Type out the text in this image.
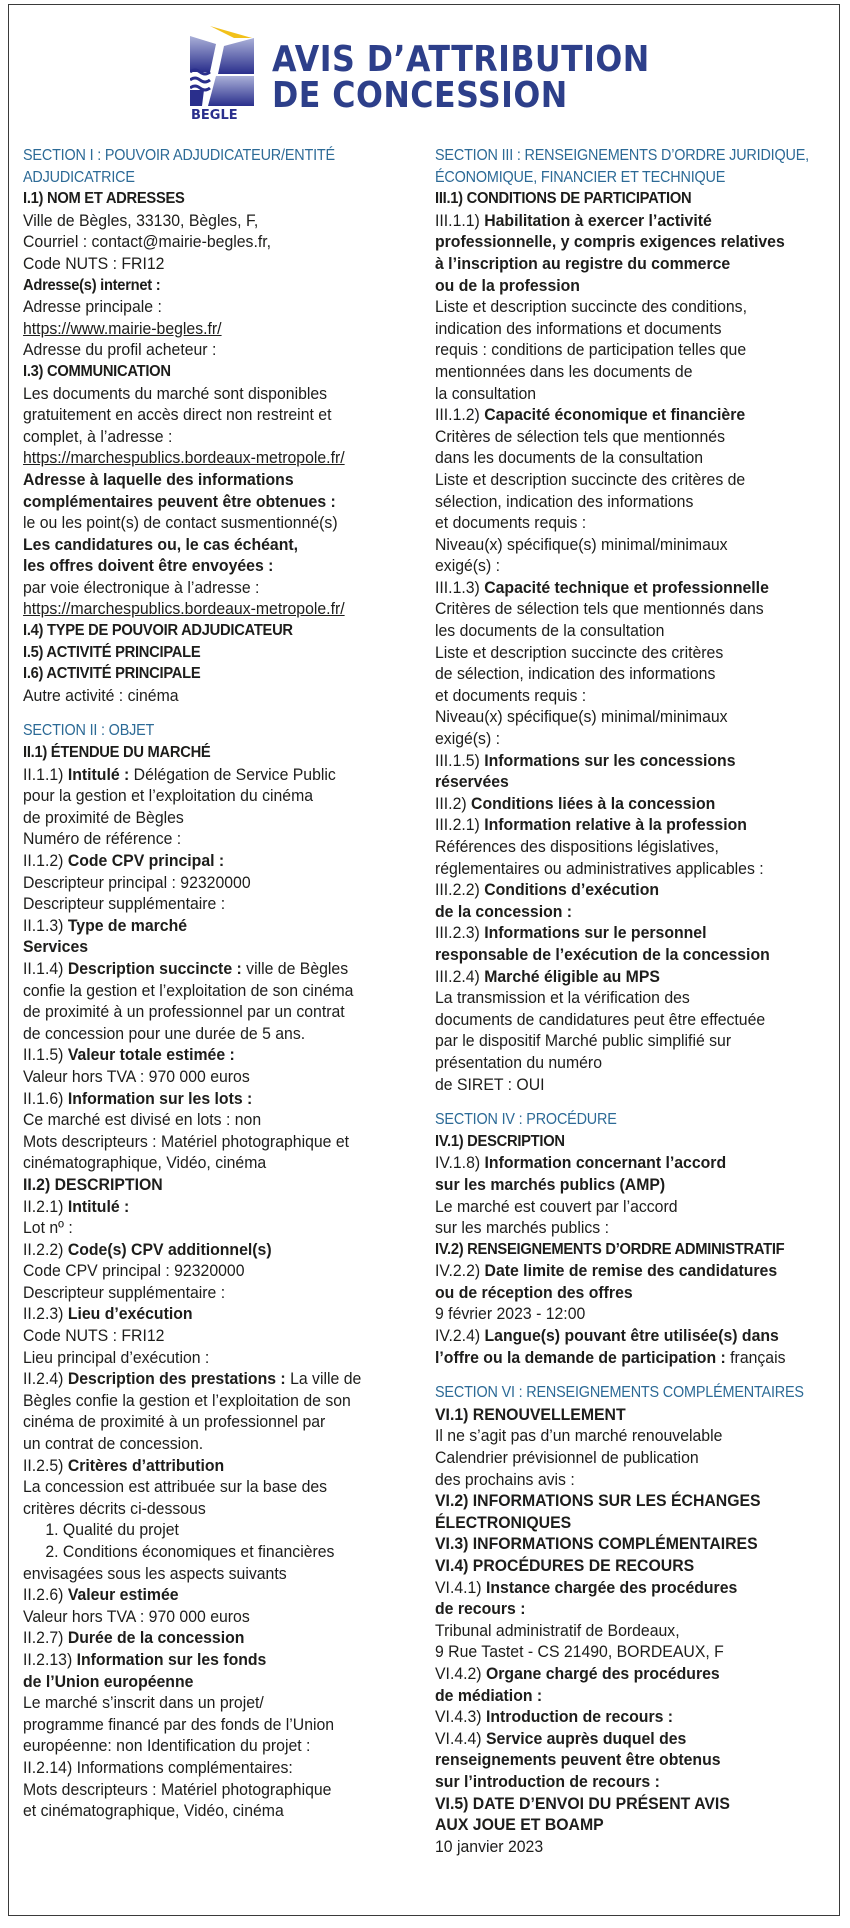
BEGLE
AVIS D’ATTRIBUTION
DE CONCESSION
SECTION I : POUVOIR ADJUDICATEUR/ENTITÉ
ADJUDICATRICE
I.1) NOM ET ADRESSES
Ville de Bègles, 33130, Bègles, F,
Courriel : contact@mairie-begles.fr,
Code NUTS : FRI12
Adresse(s) internet :
Adresse principale :
https://www.mairie-begles.fr/
Adresse du profil acheteur :
I.3) COMMUNICATION
Les documents du marché sont disponibles
gratuitement en accès direct non restreint et
complet, à l’adresse :
https://marchespublics.bordeaux-metropole.fr/
Adresse à laquelle des informations
complémentaires peuvent être obtenues :
le ou les point(s) de contact susmentionné(s)
Les candidatures ou, le cas échéant,
les offres doivent être envoyées :
par voie électronique à l’adresse :
https://marchespublics.bordeaux-metropole.fr/
I.4) TYPE DE POUVOIR ADJUDICATEUR
I.5) ACTIVITÉ PRINCIPALE
I.6) ACTIVITÉ PRINCIPALE
Autre activité : cinéma
SECTION II : OBJET
II.1) ÉTENDUE DU MARCHÉ
II.1.1) Intitulé : Délégation de Service Public
pour la gestion et l’exploitation du cinéma
de proximité de Bègles
Numéro de référence :
II.1.2) Code CPV principal :
Descripteur principal : 92320000
Descripteur supplémentaire :
II.1.3) Type de marché
Services
II.1.4) Description succincte : ville de Bègles
confie la gestion et l’exploitation de son cinéma
de proximité à un professionnel par un contrat
de concession pour une durée de 5 ans.
II.1.5) Valeur totale estimée :
Valeur hors TVA : 970 000 euros
II.1.6) Information sur les lots :
Ce marché est divisé en lots : non
Mots descripteurs : Matériel photographique et
cinématographique, Vidéo, cinéma
II.2) DESCRIPTION
II.2.1) Intitulé :
Lot nº :
II.2.2) Code(s) CPV additionnel(s)
Code CPV principal : 92320000
Descripteur supplémentaire :
II.2.3) Lieu d’exécution
Code NUTS : FRI12
Lieu principal d’exécution :
II.2.4) Description des prestations : La ville de
Bègles confie la gestion et l’exploitation de son
cinéma de proximité à un professionnel par
un contrat de concession.
II.2.5) Critères d’attribution
La concession est attribuée sur la base des
critères décrits ci-dessous
1. Qualité du projet
2. Conditions économiques et financières
envisagées sous les aspects suivants
II.2.6) Valeur estimée
Valeur hors TVA : 970 000 euros
II.2.7) Durée de la concession
II.2.13) Information sur les fonds
de l’Union européenne
Le marché s’inscrit dans un projet/
programme financé par des fonds de l’Union
européenne: non Identification du projet :
II.2.14) Informations complémentaires:
Mots descripteurs : Matériel photographique
et cinématographique, Vidéo, cinéma
SECTION III : RENSEIGNEMENTS D’ORDRE JURIDIQUE,
ÉCONOMIQUE, FINANCIER ET TECHNIQUE
III.1) CONDITIONS DE PARTICIPATION
III.1.1) Habilitation à exercer l’activité
professionnelle, y compris exigences relatives
à l’inscription au registre du commerce
ou de la profession
Liste et description succincte des conditions,
indication des informations et documents
requis : conditions de participation telles que
mentionnées dans les documents de
la consultation
III.1.2) Capacité économique et financière
Critères de sélection tels que mentionnés
dans les documents de la consultation
Liste et description succincte des critères de
sélection, indication des informations
et documents requis :
Niveau(x) spécifique(s) minimal/minimaux
exigé(s) :
III.1.3) Capacité technique et professionnelle
Critères de sélection tels que mentionnés dans
les documents de la consultation
Liste et description succincte des critères
de sélection, indication des informations
et documents requis :
Niveau(x) spécifique(s) minimal/minimaux
exigé(s) :
III.1.5) Informations sur les concessions
réservées
III.2) Conditions liées à la concession
III.2.1) Information relative à la profession
Références des dispositions législatives,
réglementaires ou administratives applicables :
III.2.2) Conditions d’exécution
de la concession :
III.2.3) Informations sur le personnel
responsable de l’exécution de la concession
III.2.4) Marché éligible au MPS
La transmission et la vérification des
documents de candidatures peut être effectuée
par le dispositif Marché public simplifié sur
présentation du numéro
de SIRET : OUI
SECTION IV : PROCÉDURE
IV.1) DESCRIPTION
IV.1.8) Information concernant l’accord
sur les marchés publics (AMP)
Le marché est couvert par l’accord
sur les marchés publics :
IV.2) RENSEIGNEMENTS D’ORDRE ADMINISTRATIF
IV.2.2) Date limite de remise des candidatures
ou de réception des offres
9 février 2023 - 12:00
IV.2.4) Langue(s) pouvant être utilisée(s) dans
l’offre ou la demande de participation : français
SECTION VI : RENSEIGNEMENTS COMPLÉMENTAIRES
VI.1) RENOUVELLEMENT
Il ne s’agit pas d’un marché renouvelable
Calendrier prévisionnel de publication
des prochains avis :
VI.2) INFORMATIONS SUR LES ÉCHANGES
ÉLECTRONIQUES
VI.3) INFORMATIONS COMPLÉMENTAIRES
VI.4) PROCÉDURES DE RECOURS
VI.4.1) Instance chargée des procédures
de recours :
Tribunal administratif de Bordeaux,
9 Rue Tastet - CS 21490, BORDEAUX, F
VI.4.2) Organe chargé des procédures
de médiation :
VI.4.3) Introduction de recours :
VI.4.4) Service auprès duquel des
renseignements peuvent être obtenus
sur l’introduction de recours :
VI.5) DATE D’ENVOI DU PRÉSENT AVIS
AUX JOUE ET BOAMP
10 janvier 2023
